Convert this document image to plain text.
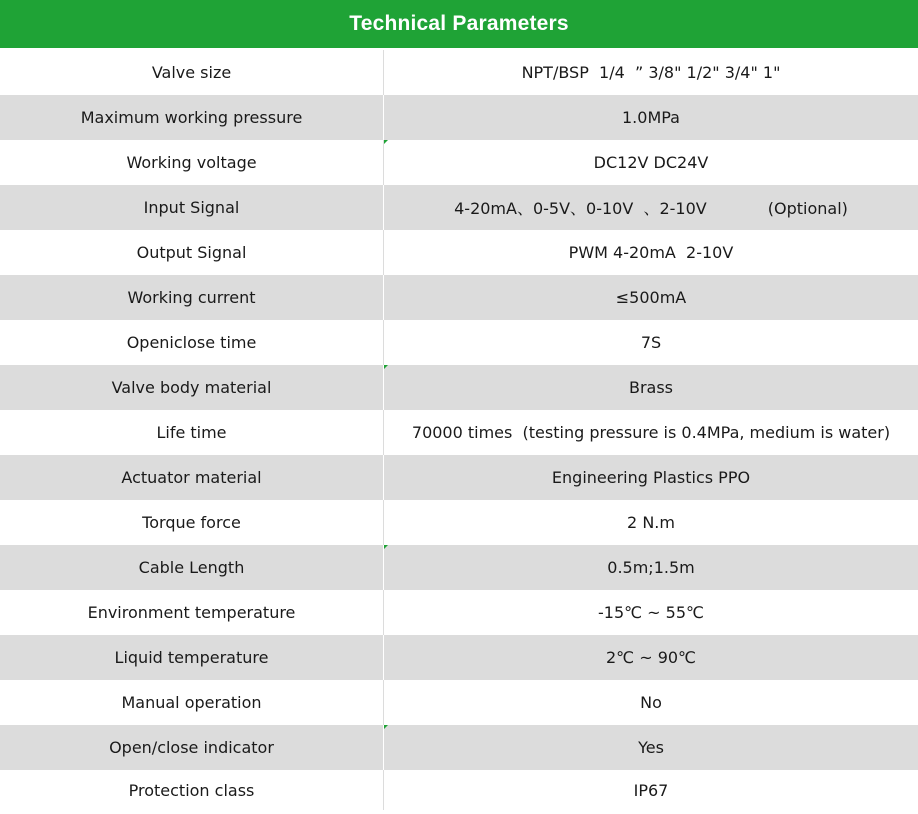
Technical Parameters
Valve size	NPT/BSP  1/4  ” 3/8" 1/2" 3/4" 1"
Maximum working pressure	1.0MPa
Working voltage	DC12V DC24V
Input Signal	4-20mA、0-5V、0-10V  、2-10V            (Optional)
Output Signal	PWM 4-20mA  2-10V
Working current	≤500mA
Openiclose time	7S
Valve body material	Brass
Life time	70000 times  (testing pressure is 0.4MPa, medium is water)
Actuator material	Engineering Plastics PPO
Torque force	2 N.m
Cable Length	0.5m;1.5m
Environment temperature	-15℃ ~ 55℃
Liquid temperature	2℃ ~ 90℃
Manual operation	No
Open/close indicator	Yes
Protection class	IP67
